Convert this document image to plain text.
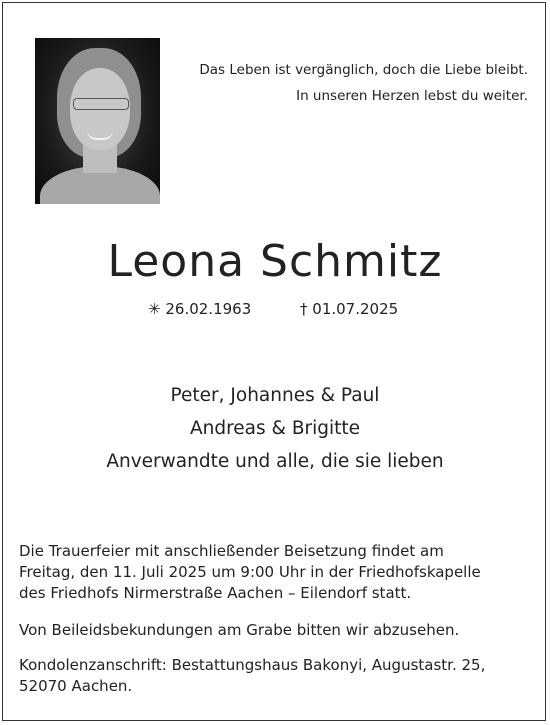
Das Leben ist vergänglich, doch die Liebe bleibt.
In unseren Herzen lebst du weiter.
Leona Schmitz
✳ 26.02.1963	† 01.07.2025
Peter, Johannes & Paul
Andreas & Brigitte
Anverwandte und alle, die sie lieben
Die Trauerfeier mit anschließender Beisetzung findet am
Freitag, den 11. Juli 2025 um 9:00 Uhr in der Friedhofskapelle
des Friedhofs Nirmerstraße Aachen – Eilendorf statt.
Von Beileidsbekundungen am Grabe bitten wir abzusehen.
Kondolenzanschrift: Bestattungshaus Bakonyi, Augustastr. 25,
52070 Aachen.
